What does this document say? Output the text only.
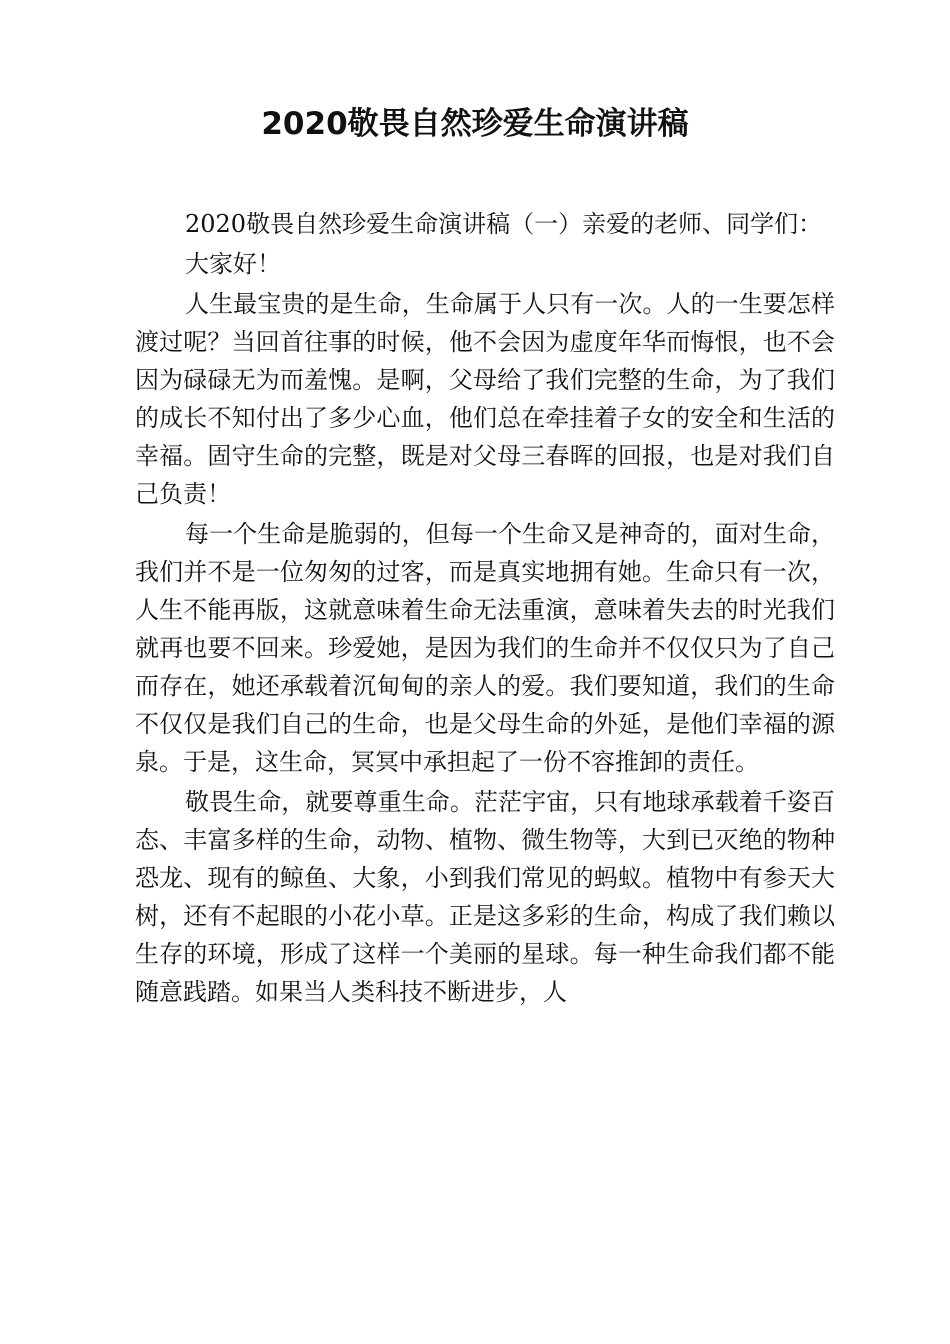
2020敬畏自然珍爱生命演讲稿

2020敬畏自然珍爱生命演讲稿（一）亲爱的老师、同学们：

大家好！

人生最宝贵的是生命，生命属于人只有一次。人的一生要怎样渡过呢？当回首往事的时候，他不会因为虚度年华而悔恨，也不会因为碌碌无为而羞愧。是啊，父母给了我们完整的生命，为了我们的成长不知付出了多少心血，他们总在牵挂着子女的安全和生活的幸福。固守生命的完整，既是对父母三春晖的回报，也是对我们自己负责！

每一个生命是脆弱的，但每一个生命又是神奇的，面对生命，我们并不是一位匆匆的过客，而是真实地拥有她。生命只有一次，人生不能再版，这就意味着生命无法重演，意味着失去的时光我们就再也要不回来。珍爱她，是因为我们的生命并不仅仅只为了自己而存在，她还承载着沉甸甸的亲人的爱。我们要知道，我们的生命不仅仅是我们自己的生命，也是父母生命的外延，是他们幸福的源泉。于是，这生命，冥冥中承担起了一份不容推卸的责任。

敬畏生命，就要尊重生命。茫茫宇宙，只有地球承载着千姿百态、丰富多样的生命，动物、植物、微生物等，大到已灭绝的物种恐龙、现有的鲸鱼、大象，小到我们常见的蚂蚁。植物中有参天大树，还有不起眼的小花小草。正是这多彩的生命，构成了我们赖以生存的环境，形成了这样一个美丽的星球。每一种生命我们都不能随意践踏。如果当人类科技不断进步，人
